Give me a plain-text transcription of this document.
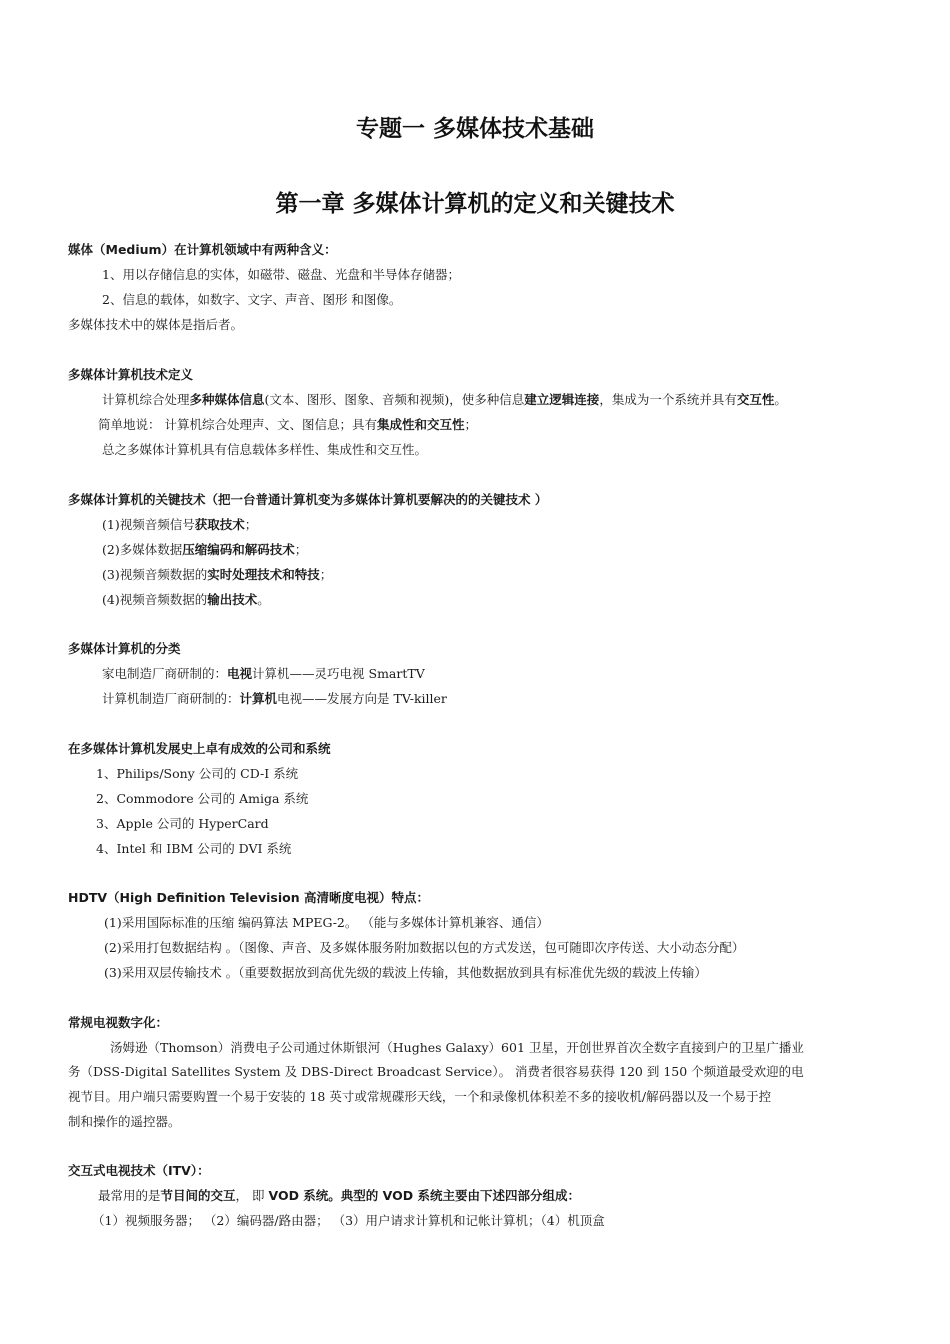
专题一 多媒体技术基础
第一章 多媒体计算机的定义和关键技术
媒体（Medium）在计算机领域中有两种含义：
1、用以存储信息的实体，如磁带、磁盘、光盘和半导体存储器；
2、信息的载体，如数字、文字、声音、图形 和图像。
多媒体技术中的媒体是指后者。
多媒体计算机技术定义
计算机综合处理多种媒体信息(文本、图形、图象、音频和视频)，使多种信息建立逻辑连接，集成为一个系统并具有交互性。
简单地说： 计算机综合处理声、文、图信息；具有集成性和交互性；
总之多媒体计算机具有信息载体多样性、集成性和交互性。
多媒体计算机的关键技术（把一台普通计算机变为多媒体计算机要解决的的关键技术 ）
(1)视频音频信号获取技术；
(2)多媒体数据压缩编码和解码技术；
(3)视频音频数据的实时处理技术和特技；
(4)视频音频数据的输出技术。
多媒体计算机的分类
家电制造厂商研制的：电视计算机——灵巧电视 SmartTV
计算机制造厂商研制的：计算机电视——发展方向是 TV-killer
在多媒体计算机发展史上卓有成效的公司和系统
1、Philips/Sony 公司的 CD-I 系统
2、Commodore 公司的 Amiga 系统
3、Apple 公司的 HyperCard
4、Intel 和 IBM 公司的 DVI 系统
HDTV（High Definition Television 高清晰度电视）特点：
(1)采用国际标准的压缩 编码算法 MPEG-2。 （能与多媒体计算机兼容、通信）
(2)采用打包数据结构 。（图像、声音、及多媒体服务附加数据以包的方式发送，包可随即次序传送、大小动态分配）
(3)采用双层传输技术 。（重要数据放到高优先级的载波上传输，其他数据放到具有标准优先级的载波上传输）
常规电视数字化：
汤姆逊（Thomson）消费电子公司通过休斯银河（Hughes Galaxy）601 卫星，开创世界首次全数字直接到户的卫星广播业
务（DSS-Digital Satellites System 及 DBS-Direct Broadcast Service）。 消费者很容易获得 120 到 150 个频道最受欢迎的电
视节目。用户端只需要购置一个易于安装的 18 英寸或常规碟形天线，一个和录像机体积差不多的接收机/解码器以及一个易于控
制和操作的遥控器。
交互式电视技术（ITV）：
最常用的是节目间的交互， 即 VOD 系统。典型的 VOD 系统主要由下述四部分组成：
（1）视频服务器； （2）编码器/路由器； （3）用户请求计算机和记帐计算机；（4）机顶盒
